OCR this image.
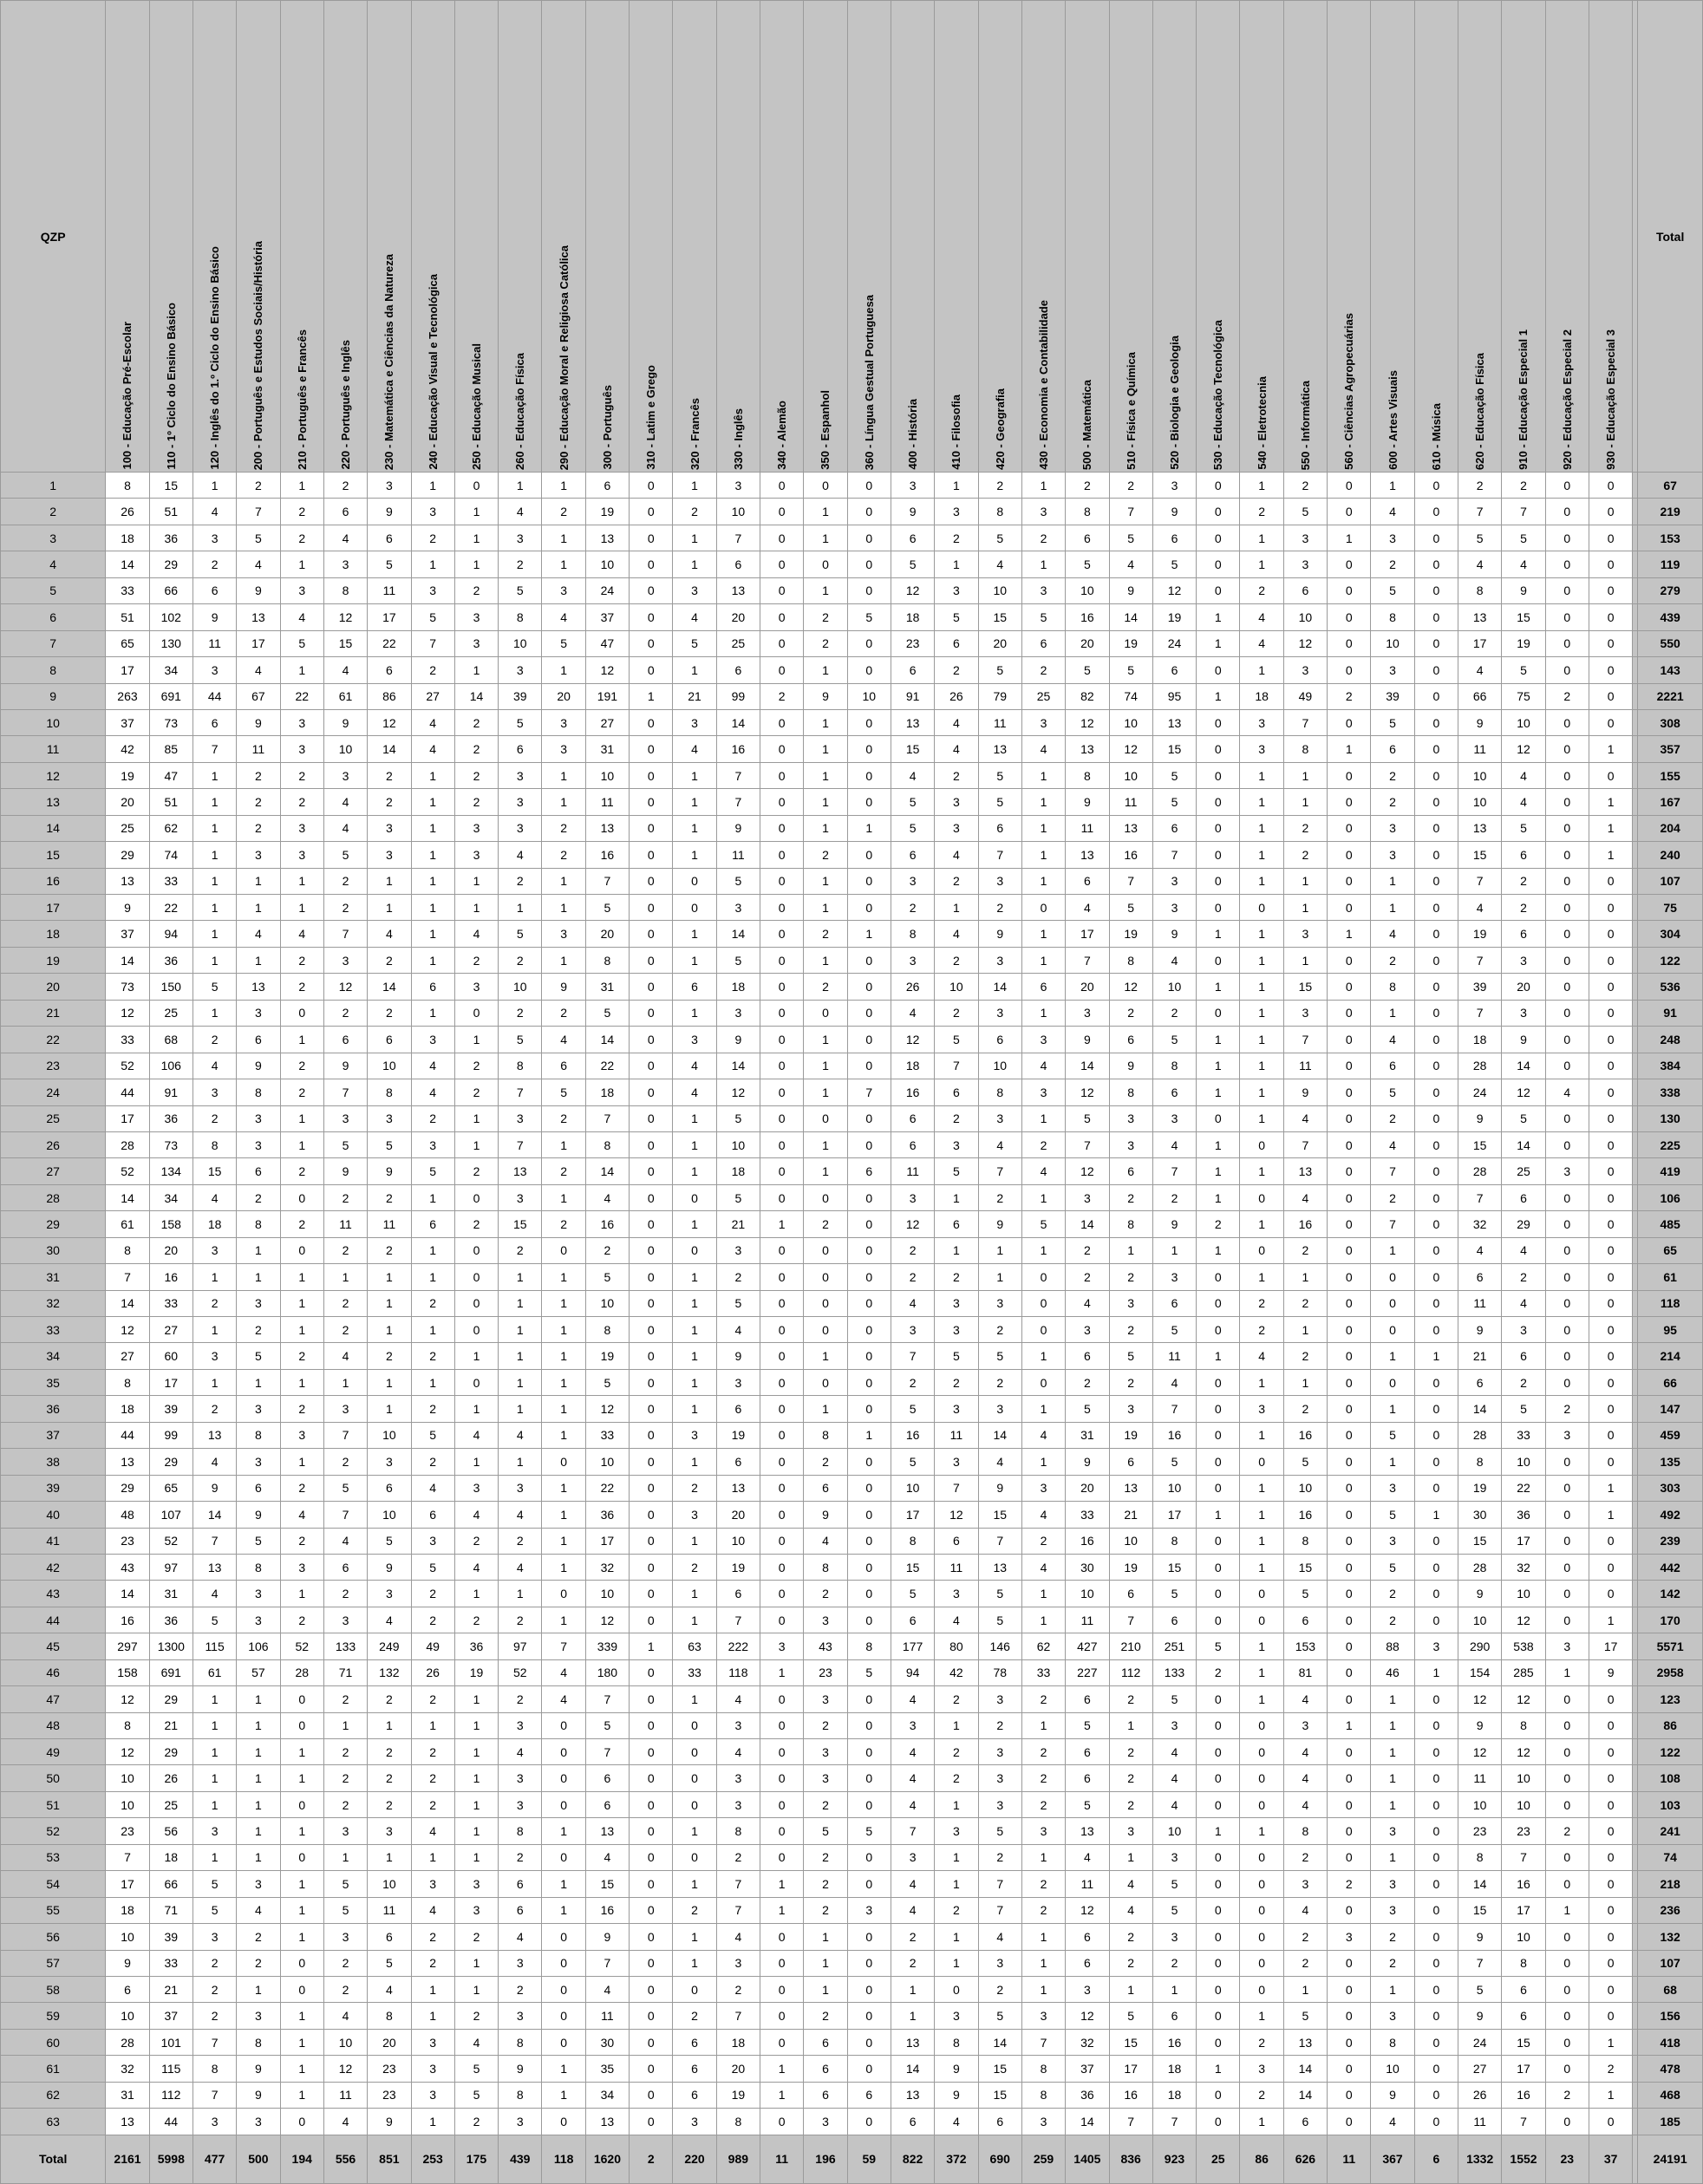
QZP	100 - Educação Pré-Escolar	110 - 1º Ciclo do Ensino Básico	120 - Inglês do 1.º Ciclo do Ensino Básico	200 - Português e Estudos Sociais/História	210 - Português e Francês	220 - Português e Inglês	230 - Matemática e Ciências da Natureza	240 - Educação Visual e Tecnológica	250 - Educação Musical	260 - Educação Física	290 - Educação Moral e Religiosa Católica	300 - Português	310 - Latim e Grego	320 - Francês	330 - Inglês	340 - Alemão	350 - Espanhol	360 - Língua Gestual Portuguesa	400 - História	410 - Filosofia	420 - Geografia	430 - Economia e Contabilidade	500 - Matemática	510 - Física e Química	520 - Biologia e Geologia	530 - Educação Tecnológica	540 - Eletrotecnia	550 - Informática	560 - Ciências Agropecuárias	600 - Artes Visuais	610 - Música	620 - Educação Física	910 - Educação Especial 1	920 - Educação Especial 2	930 - Educação Especial 3		Total
1	8	15	1	2	1	2	3	1	0	1	1	6	0	1	3	0	0	0	3	1	2	1	2	2	3	0	1	2	0	1	0	2	2	0	0		67
2	26	51	4	7	2	6	9	3	1	4	2	19	0	2	10	0	1	0	9	3	8	3	8	7	9	0	2	5	0	4	0	7	7	0	0		219
3	18	36	3	5	2	4	6	2	1	3	1	13	0	1	7	0	1	0	6	2	5	2	6	5	6	0	1	3	1	3	0	5	5	0	0		153
4	14	29	2	4	1	3	5	1	1	2	1	10	0	1	6	0	0	0	5	1	4	1	5	4	5	0	1	3	0	2	0	4	4	0	0		119
5	33	66	6	9	3	8	11	3	2	5	3	24	0	3	13	0	1	0	12	3	10	3	10	9	12	0	2	6	0	5	0	8	9	0	0		279
6	51	102	9	13	4	12	17	5	3	8	4	37	0	4	20	0	2	5	18	5	15	5	16	14	19	1	4	10	0	8	0	13	15	0	0		439
7	65	130	11	17	5	15	22	7	3	10	5	47	0	5	25	0	2	0	23	6	20	6	20	19	24	1	4	12	0	10	0	17	19	0	0		550
8	17	34	3	4	1	4	6	2	1	3	1	12	0	1	6	0	1	0	6	2	5	2	5	5	6	0	1	3	0	3	0	4	5	0	0		143
9	263	691	44	67	22	61	86	27	14	39	20	191	1	21	99	2	9	10	91	26	79	25	82	74	95	1	18	49	2	39	0	66	75	2	0		2221
10	37	73	6	9	3	9	12	4	2	5	3	27	0	3	14	0	1	0	13	4	11	3	12	10	13	0	3	7	0	5	0	9	10	0	0		308
11	42	85	7	11	3	10	14	4	2	6	3	31	0	4	16	0	1	0	15	4	13	4	13	12	15	0	3	8	1	6	0	11	12	0	1		357
12	19	47	1	2	2	3	2	1	2	3	1	10	0	1	7	0	1	0	4	2	5	1	8	10	5	0	1	1	0	2	0	10	4	0	0		155
13	20	51	1	2	2	4	2	1	2	3	1	11	0	1	7	0	1	0	5	3	5	1	9	11	5	0	1	1	0	2	0	10	4	0	1		167
14	25	62	1	2	3	4	3	1	3	3	2	13	0	1	9	0	1	1	5	3	6	1	11	13	6	0	1	2	0	3	0	13	5	0	1		204
15	29	74	1	3	3	5	3	1	3	4	2	16	0	1	11	0	2	0	6	4	7	1	13	16	7	0	1	2	0	3	0	15	6	0	1		240
16	13	33	1	1	1	2	1	1	1	2	1	7	0	0	5	0	1	0	3	2	3	1	6	7	3	0	1	1	0	1	0	7	2	0	0		107
17	9	22	1	1	1	2	1	1	1	1	1	5	0	0	3	0	1	0	2	1	2	0	4	5	3	0	0	1	0	1	0	4	2	0	0		75
18	37	94	1	4	4	7	4	1	4	5	3	20	0	1	14	0	2	1	8	4	9	1	17	19	9	1	1	3	1	4	0	19	6	0	0		304
19	14	36	1	1	2	3	2	1	2	2	1	8	0	1	5	0	1	0	3	2	3	1	7	8	4	0	1	1	0	2	0	7	3	0	0		122
20	73	150	5	13	2	12	14	6	3	10	9	31	0	6	18	0	2	0	26	10	14	6	20	12	10	1	1	15	0	8	0	39	20	0	0		536
21	12	25	1	3	0	2	2	1	0	2	2	5	0	1	3	0	0	0	4	2	3	1	3	2	2	0	1	3	0	1	0	7	3	0	0		91
22	33	68	2	6	1	6	6	3	1	5	4	14	0	3	9	0	1	0	12	5	6	3	9	6	5	1	1	7	0	4	0	18	9	0	0		248
23	52	106	4	9	2	9	10	4	2	8	6	22	0	4	14	0	1	0	18	7	10	4	14	9	8	1	1	11	0	6	0	28	14	0	0		384
24	44	91	3	8	2	7	8	4	2	7	5	18	0	4	12	0	1	7	16	6	8	3	12	8	6	1	1	9	0	5	0	24	12	4	0		338
25	17	36	2	3	1	3	3	2	1	3	2	7	0	1	5	0	0	0	6	2	3	1	5	3	3	0	1	4	0	2	0	9	5	0	0		130
26	28	73	8	3	1	5	5	3	1	7	1	8	0	1	10	0	1	0	6	3	4	2	7	3	4	1	0	7	0	4	0	15	14	0	0		225
27	52	134	15	6	2	9	9	5	2	13	2	14	0	1	18	0	1	6	11	5	7	4	12	6	7	1	1	13	0	7	0	28	25	3	0		419
28	14	34	4	2	0	2	2	1	0	3	1	4	0	0	5	0	0	0	3	1	2	1	3	2	2	1	0	4	0	2	0	7	6	0	0		106
29	61	158	18	8	2	11	11	6	2	15	2	16	0	1	21	1	2	0	12	6	9	5	14	8	9	2	1	16	0	7	0	32	29	0	0		485
30	8	20	3	1	0	2	2	1	0	2	0	2	0	0	3	0	0	0	2	1	1	1	2	1	1	1	0	2	0	1	0	4	4	0	0		65
31	7	16	1	1	1	1	1	1	0	1	1	5	0	1	2	0	0	0	2	2	1	0	2	2	3	0	1	1	0	0	0	6	2	0	0		61
32	14	33	2	3	1	2	1	2	0	1	1	10	0	1	5	0	0	0	4	3	3	0	4	3	6	0	2	2	0	0	0	11	4	0	0		118
33	12	27	1	2	1	2	1	1	0	1	1	8	0	1	4	0	0	0	3	3	2	0	3	2	5	0	2	1	0	0	0	9	3	0	0		95
34	27	60	3	5	2	4	2	2	1	1	1	19	0	1	9	0	1	0	7	5	5	1	6	5	11	1	4	2	0	1	1	21	6	0	0		214
35	8	17	1	1	1	1	1	1	0	1	1	5	0	1	3	0	0	0	2	2	2	0	2	2	4	0	1	1	0	0	0	6	2	0	0		66
36	18	39	2	3	2	3	1	2	1	1	1	12	0	1	6	0	1	0	5	3	3	1	5	3	7	0	3	2	0	1	0	14	5	2	0		147
37	44	99	13	8	3	7	10	5	4	4	1	33	0	3	19	0	8	1	16	11	14	4	31	19	16	0	1	16	0	5	0	28	33	3	0		459
38	13	29	4	3	1	2	3	2	1	1	0	10	0	1	6	0	2	0	5	3	4	1	9	6	5	0	0	5	0	1	0	8	10	0	0		135
39	29	65	9	6	2	5	6	4	3	3	1	22	0	2	13	0	6	0	10	7	9	3	20	13	10	0	1	10	0	3	0	19	22	0	1		303
40	48	107	14	9	4	7	10	6	4	4	1	36	0	3	20	0	9	0	17	12	15	4	33	21	17	1	1	16	0	5	1	30	36	0	1		492
41	23	52	7	5	2	4	5	3	2	2	1	17	0	1	10	0	4	0	8	6	7	2	16	10	8	0	1	8	0	3	0	15	17	0	0		239
42	43	97	13	8	3	6	9	5	4	4	1	32	0	2	19	0	8	0	15	11	13	4	30	19	15	0	1	15	0	5	0	28	32	0	0		442
43	14	31	4	3	1	2	3	2	1	1	0	10	0	1	6	0	2	0	5	3	5	1	10	6	5	0	0	5	0	2	0	9	10	0	0		142
44	16	36	5	3	2	3	4	2	2	2	1	12	0	1	7	0	3	0	6	4	5	1	11	7	6	0	0	6	0	2	0	10	12	0	1		170
45	297	1300	115	106	52	133	249	49	36	97	7	339	1	63	222	3	43	8	177	80	146	62	427	210	251	5	1	153	0	88	3	290	538	3	17		5571
46	158	691	61	57	28	71	132	26	19	52	4	180	0	33	118	1	23	5	94	42	78	33	227	112	133	2	1	81	0	46	1	154	285	1	9		2958
47	12	29	1	1	0	2	2	2	1	2	4	7	0	1	4	0	3	0	4	2	3	2	6	2	5	0	1	4	0	1	0	12	12	0	0		123
48	8	21	1	1	0	1	1	1	1	3	0	5	0	0	3	0	2	0	3	1	2	1	5	1	3	0	0	3	1	1	0	9	8	0	0		86
49	12	29	1	1	1	2	2	2	1	4	0	7	0	0	4	0	3	0	4	2	3	2	6	2	4	0	0	4	0	1	0	12	12	0	0		122
50	10	26	1	1	1	2	2	2	1	3	0	6	0	0	3	0	3	0	4	2	3	2	6	2	4	0	0	4	0	1	0	11	10	0	0		108
51	10	25	1	1	0	2	2	2	1	3	0	6	0	0	3	0	2	0	4	1	3	2	5	2	4	0	0	4	0	1	0	10	10	0	0		103
52	23	56	3	1	1	3	3	4	1	8	1	13	0	1	8	0	5	5	7	3	5	3	13	3	10	1	1	8	0	3	0	23	23	2	0		241
53	7	18	1	1	0	1	1	1	1	2	0	4	0	0	2	0	2	0	3	1	2	1	4	1	3	0	0	2	0	1	0	8	7	0	0		74
54	17	66	5	3	1	5	10	3	3	6	1	15	0	1	7	1	2	0	4	1	7	2	11	4	5	0	0	3	2	3	0	14	16	0	0		218
55	18	71	5	4	1	5	11	4	3	6	1	16	0	2	7	1	2	3	4	2	7	2	12	4	5	0	0	4	0	3	0	15	17	1	0		236
56	10	39	3	2	1	3	6	2	2	4	0	9	0	1	4	0	1	0	2	1	4	1	6	2	3	0	0	2	3	2	0	9	10	0	0		132
57	9	33	2	2	0	2	5	2	1	3	0	7	0	1	3	0	1	0	2	1	3	1	6	2	2	0	0	2	0	2	0	7	8	0	0		107
58	6	21	2	1	0	2	4	1	1	2	0	4	0	0	2	0	1	0	1	0	2	1	3	1	1	0	0	1	0	1	0	5	6	0	0		68
59	10	37	2	3	1	4	8	1	2	3	0	11	0	2	7	0	2	0	1	3	5	3	12	5	6	0	1	5	0	3	0	9	6	0	0		156
60	28	101	7	8	1	10	20	3	4	8	0	30	0	6	18	0	6	0	13	8	14	7	32	15	16	0	2	13	0	8	0	24	15	0	1		418
61	32	115	8	9	1	12	23	3	5	9	1	35	0	6	20	1	6	0	14	9	15	8	37	17	18	1	3	14	0	10	0	27	17	0	2		478
62	31	112	7	9	1	11	23	3	5	8	1	34	0	6	19	1	6	6	13	9	15	8	36	16	18	0	2	14	0	9	0	26	16	2	1		468
63	13	44	3	3	0	4	9	1	2	3	0	13	0	3	8	0	3	0	6	4	6	3	14	7	7	0	1	6	0	4	0	11	7	0	0		185
Total	2161	5998	477	500	194	556	851	253	175	439	118	1620	2	220	989	11	196	59	822	372	690	259	1405	836	923	25	86	626	11	367	6	1332	1552	23	37		24191
